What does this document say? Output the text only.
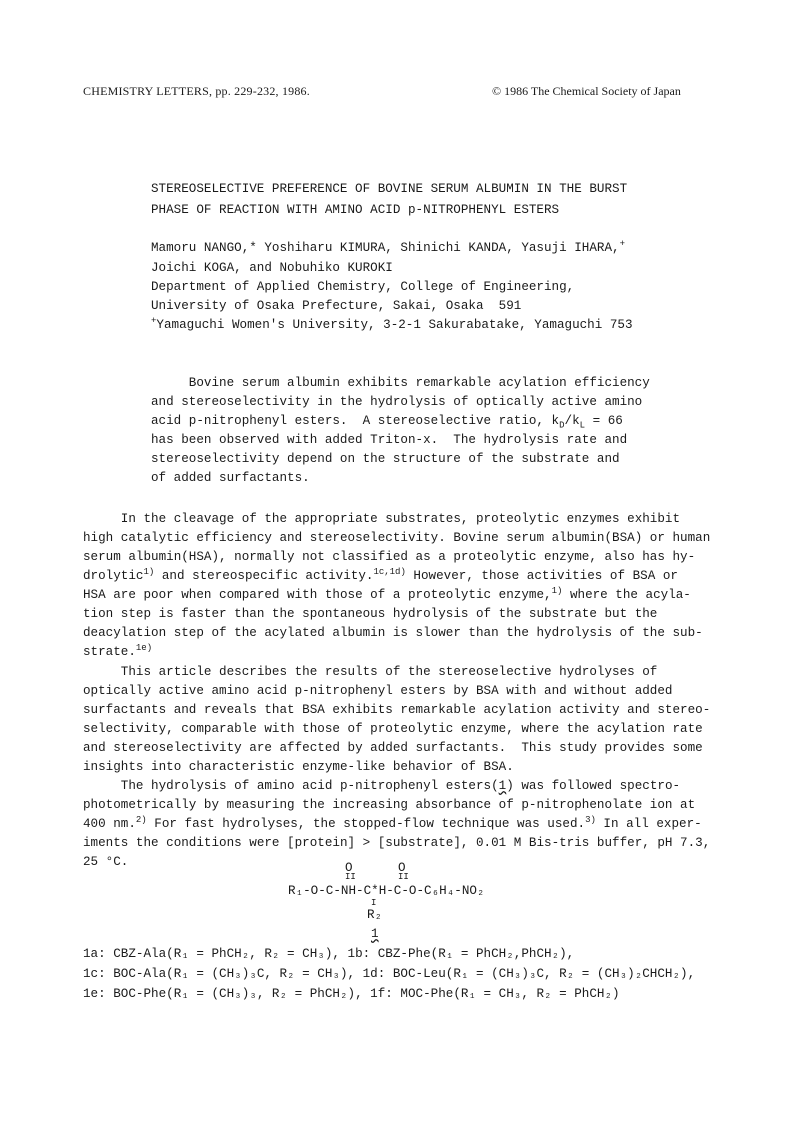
CHEMISTRY LETTERS, pp. 229-232, 1986.	© 1986 The Chemical Society of Japan
STEREOSELECTIVE PREFERENCE OF BOVINE SERUM ALBUMIN IN THE BURST
PHASE OF REACTION WITH AMINO ACID p-NITROPHENYL ESTERS
Mamoru NANGO,* Yoshiharu KIMURA, Shinichi KANDA, Yasuji IHARA,+
Joichi KOGA, and Nobuhiko KUROKI
Department of Applied Chemistry, College of Engineering,
University of Osaka Prefecture, Sakai, Osaka  591
+Yamaguchi Women's University, 3-2-1 Sakurabatake, Yamaguchi 753
Bovine serum albumin exhibits remarkable acylation efficiency
and stereoselectivity in the hydrolysis of optically active amino
acid p-nitrophenyl esters.  A stereoselective ratio, $k_D/k_L = 66$
has been observed with added Triton-x.  The hydrolysis rate and
stereoselectivity depend on the structure of the substrate and
of added surfactants.
In the cleavage of the appropriate substrates, proteolytic enzymes exhibit
high catalytic efficiency and stereoselectivity. Bovine serum albumin(BSA) or human
serum albumin(HSA), normally not classified as a proteolytic enzyme, also has hy-
drolytic$^{1)}$ and stereospecific activity.$^{1c,1d)}$ However, those activities of BSA or
HSA are poor when compared with those of a proteolytic enzyme,$^{1)}$ where the acyla-
tion step is faster than the spontaneous hydrolysis of the substrate but the
deacylation step of the acylated albumin is slower than the hydrolysis of the sub-
strate.$^{1e)}$
This article describes the results of the stereoselective hydrolyses of
optically active amino acid p-nitrophenyl esters by BSA with and without added
surfactants and reveals that BSA exhibits remarkable acylation activity and stereo-
selectivity, comparable with those of proteolytic enzyme, where the acylation rate
and stereoselectivity are affected by added surfactants.  This study provides some
insights into characteristic enzyme-like behavior of BSA.
The hydrolysis of amino acid p-nitrophenyl esters(1) was followed spectro-
photometrically by measuring the increasing absorbance of p-nitrophenolate ion at
400 nm.$^{2)}$ For fast hydrolyses, the stopped-flow technique was used.$^{3)}$ In all exper-
iments the conditions were [protein] > [substrate], 0.01 M Bis-tris buffer, pH 7.3,
25 °C.	O	O
II	II
R₁-O-C-NH-C*H-C-O-C₆H₄-NO₂
I
R₂
1
1a: CBZ-Ala(R₁ = PhCH₂, R₂ = CH₃), 1b: CBZ-Phe(R₁ = PhCH₂,PhCH₂),
1c: BOC-Ala(R₁ = (CH₃)₃C, R₂ = CH₃), 1d: BOC-Leu(R₁ = (CH₃)₃C, R₂ = (CH₃)₂CHCH₂),
1e: BOC-Phe(R₁ = (CH₃)₃, R₂ = PhCH₂), 1f: MOC-Phe(R₁ = CH₃, R₂ = PhCH₂)
